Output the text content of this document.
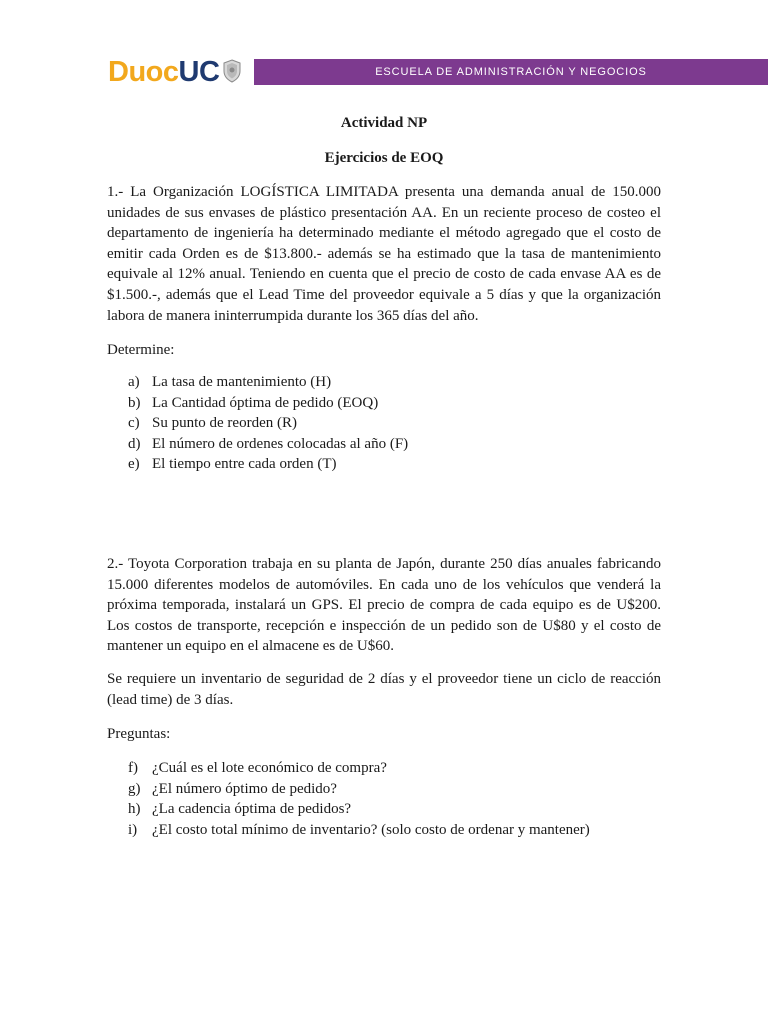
Duoc UC	ESCUELA DE ADMINISTRACIÓN Y NEGOCIOS
Actividad NP
Ejercicios de EOQ
1.- La Organización LOGÍSTICA LIMITADA presenta una demanda anual de 150.000
unidades de sus envases de plástico presentación AA. En un reciente proceso de costeo el
departamento de ingeniería ha determinado mediante el método agregado que el costo de
emitir cada Orden es de $13.800.- además se ha estimado que la tasa de mantenimiento
equivale al 12% anual. Teniendo en cuenta que el precio de costo de cada envase AA es de
$1.500.-, además que el Lead Time del proveedor equivale a 5 días y que la organización
labora de manera ininterrumpida durante los 365 días del año.
Determine:
a) La tasa de mantenimiento (H)
b) La Cantidad óptima de pedido (EOQ)
c) Su punto de reorden (R)
d) El número de ordenes colocadas al año (F)
e) El tiempo entre cada orden (T)
2.- Toyota Corporation trabaja en su planta de Japón, durante 250 días anuales fabricando
15.000 diferentes modelos de automóviles. En cada uno de los vehículos que venderá la
próxima temporada, instalará un GPS. El precio de compra de cada equipo es de U$200.
Los costos de transporte, recepción e inspección de un pedido son de U$80 y el costo de
mantener un equipo en el almacene es de U$60.
Se requiere un inventario de seguridad de 2 días y el proveedor tiene un ciclo de reacción
(lead time) de 3 días.
Preguntas:
f) ¿Cuál es el lote económico de compra?
g) ¿El número óptimo de pedido?
h) ¿La cadencia óptima de pedidos?
i) ¿El costo total mínimo de inventario? (solo costo de ordenar y mantener)
